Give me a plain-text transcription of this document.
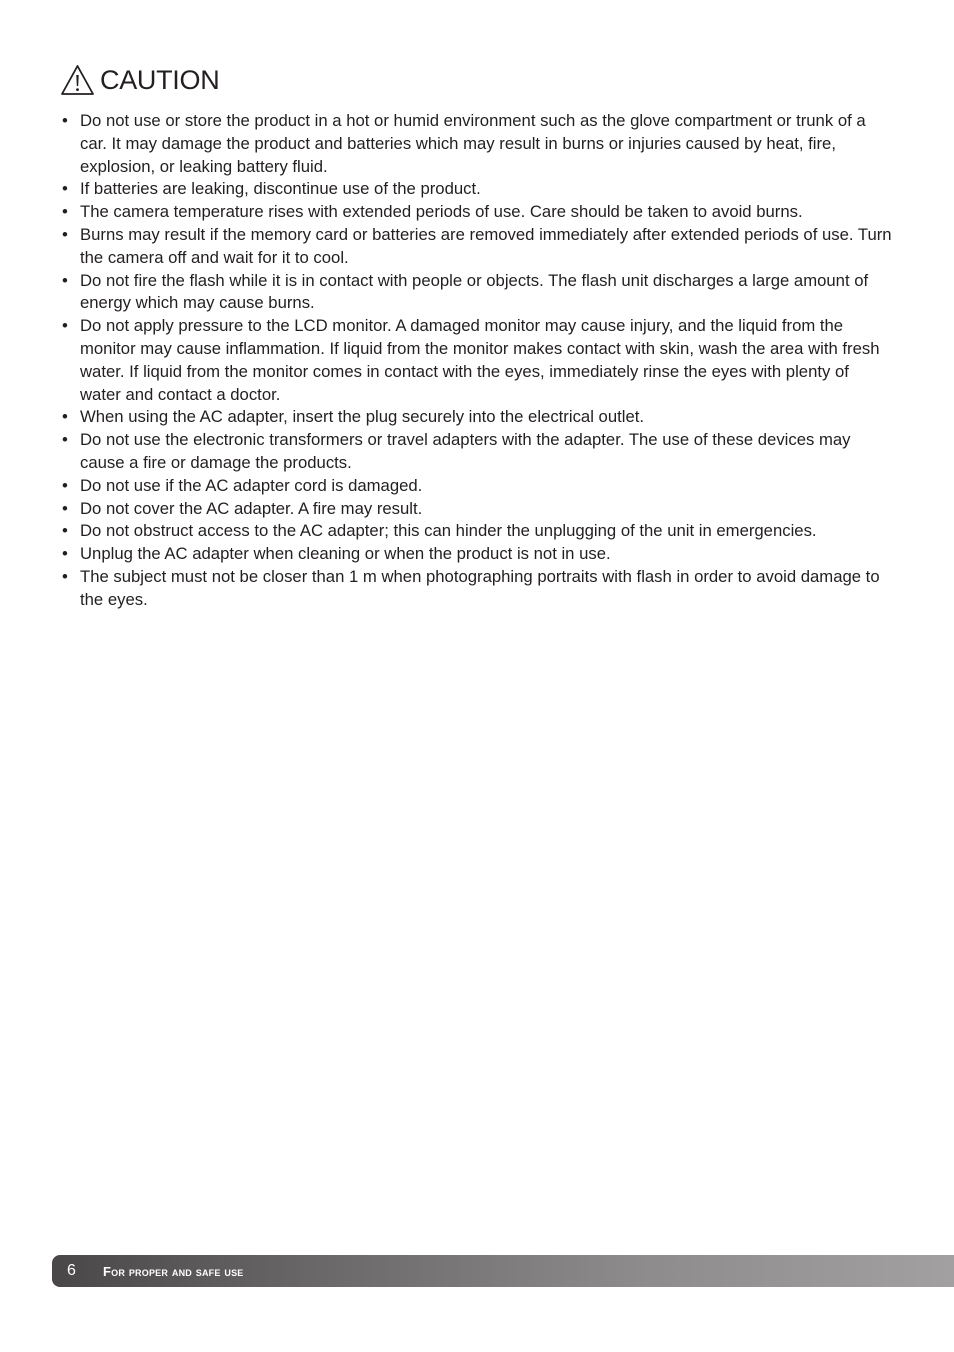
CAUTION
• Do not use or store the product in a hot or humid environment such as the glove compartment or trunk of a car. It may damage the product and batteries which may result in burns or injuries caused by heat, fire, explosion, or leaking battery fluid.
• If batteries are leaking, discontinue use of the product.
• The camera temperature rises with extended periods of use. Care should be taken to avoid burns.
• Burns may result if the memory card or batteries are removed immediately after extended periods of use. Turn the camera off and wait for it to cool.
• Do not fire the flash while it is in contact with people or objects. The flash unit discharges a large amount of energy which may cause burns.
• Do not apply pressure to the LCD monitor. A damaged monitor may cause injury, and the liquid from the monitor may cause inflammation. If liquid from the monitor makes contact with skin, wash the area with fresh water. If liquid from the monitor comes in contact with the eyes, immediately rinse the eyes with plenty of water and contact a doctor.
• When using the AC adapter, insert the plug securely into the electrical outlet.
• Do not use the electronic transformers or travel adapters with the adapter. The use of these devices may cause a fire or damage the products.
• Do not use if the AC adapter cord is damaged.
• Do not cover the AC adapter. A fire may result.
• Do not obstruct access to the AC adapter; this can hinder the unplugging of the unit in emergencies.
• Unplug the AC adapter when cleaning or when the product is not in use.
• The subject must not be closer than 1 m when photographing portraits with flash in order to avoid damage to the eyes.
6	For proper and safe use
